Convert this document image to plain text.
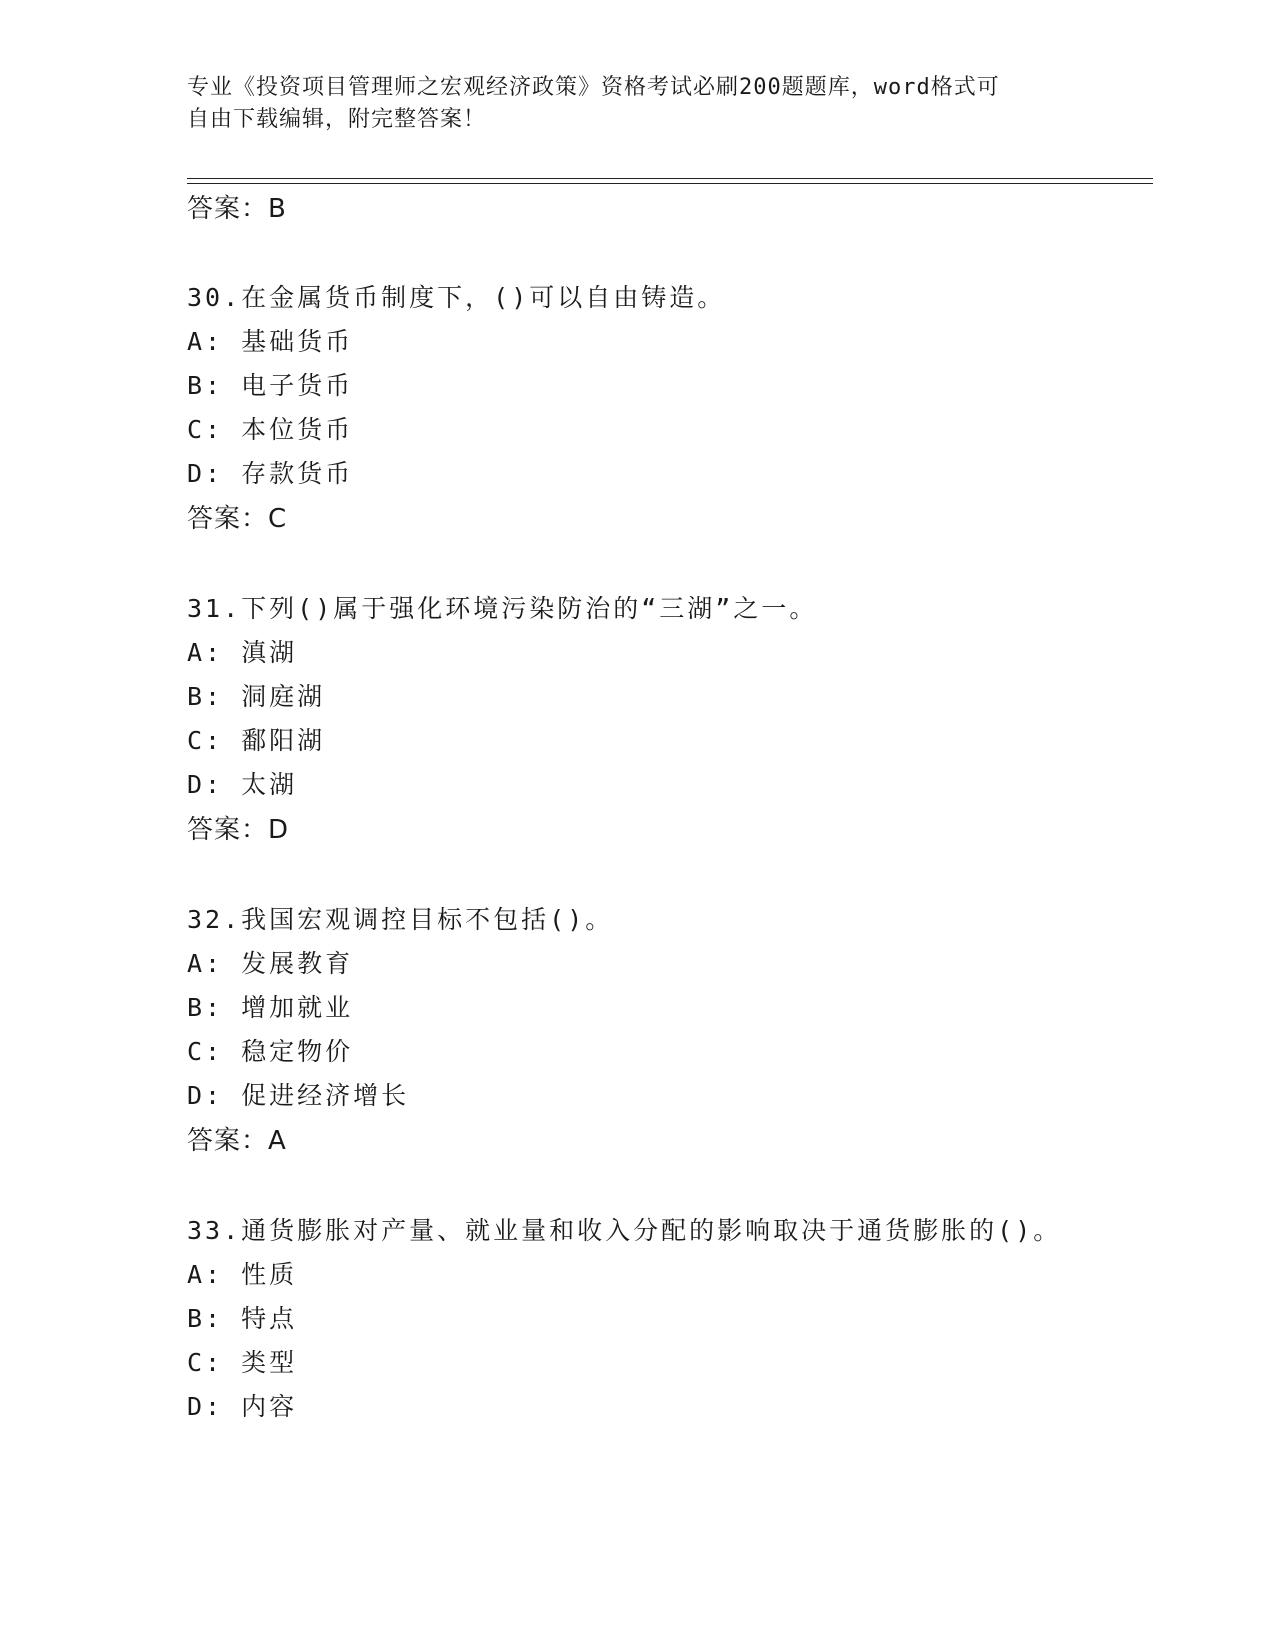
专业《投资项目管理师之宏观经济政策》资格考试必刷200题题库，word格式可
自由下载编辑，附完整答案！
答案：B
30.在金属货币制度下，()可以自由铸造。
A: 基础货币
B: 电子货币
C: 本位货币
D: 存款货币
答案：C
31.下列()属于强化环境污染防治的“三湖”之一。
A: 滇湖
B: 洞庭湖
C: 鄱阳湖
D: 太湖
答案：D
32.我国宏观调控目标不包括()。
A: 发展教育
B: 增加就业
C: 稳定物价
D: 促进经济增长
答案：A
33.通货膨胀对产量、就业量和收入分配的影响取决于通货膨胀的()。
A: 性质
B: 特点
C: 类型
D: 内容
